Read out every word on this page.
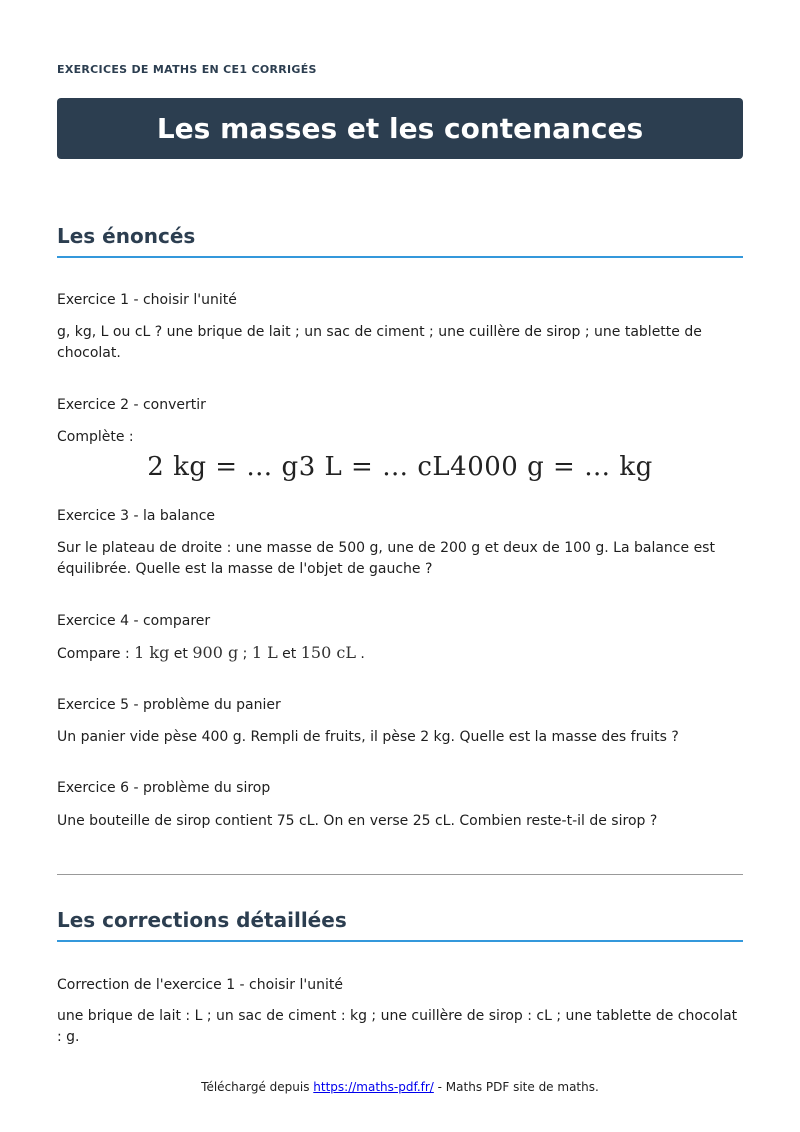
EXERCICES DE MATHS EN CE1 CORRIGÉS
Les masses et les contenances
Les énoncés
Exercice 1 - choisir l'unité
g, kg, L ou cL ? une brique de lait ; un sac de ciment ; une cuillère de sirop ; une tablette de chocolat.
Exercice 2 - convertir
Complète :
2 kg = … g3 L = … cL4000 g = … kg
Exercice 3 - la balance
Sur le plateau de droite : une masse de 500 g, une de 200 g et deux de 100 g. La balance est équilibrée. Quelle est la masse de l'objet de gauche ?
Exercice 4 - comparer
Compare : 1 kg et 900 g ; 1 L et 150 cL .
Exercice 5 - problème du panier
Un panier vide pèse 400 g. Rempli de fruits, il pèse 2 kg. Quelle est la masse des fruits ?
Exercice 6 - problème du sirop
Une bouteille de sirop contient 75 cL. On en verse 25 cL. Combien reste-t-il de sirop ?
Les corrections détaillées
Correction de l'exercice 1 - choisir l'unité
une brique de lait : L ; un sac de ciment : kg ; une cuillère de sirop : cL ; une tablette de chocolat : g.
Téléchargé depuis https://maths-pdf.fr/ - Maths PDF site de maths.
